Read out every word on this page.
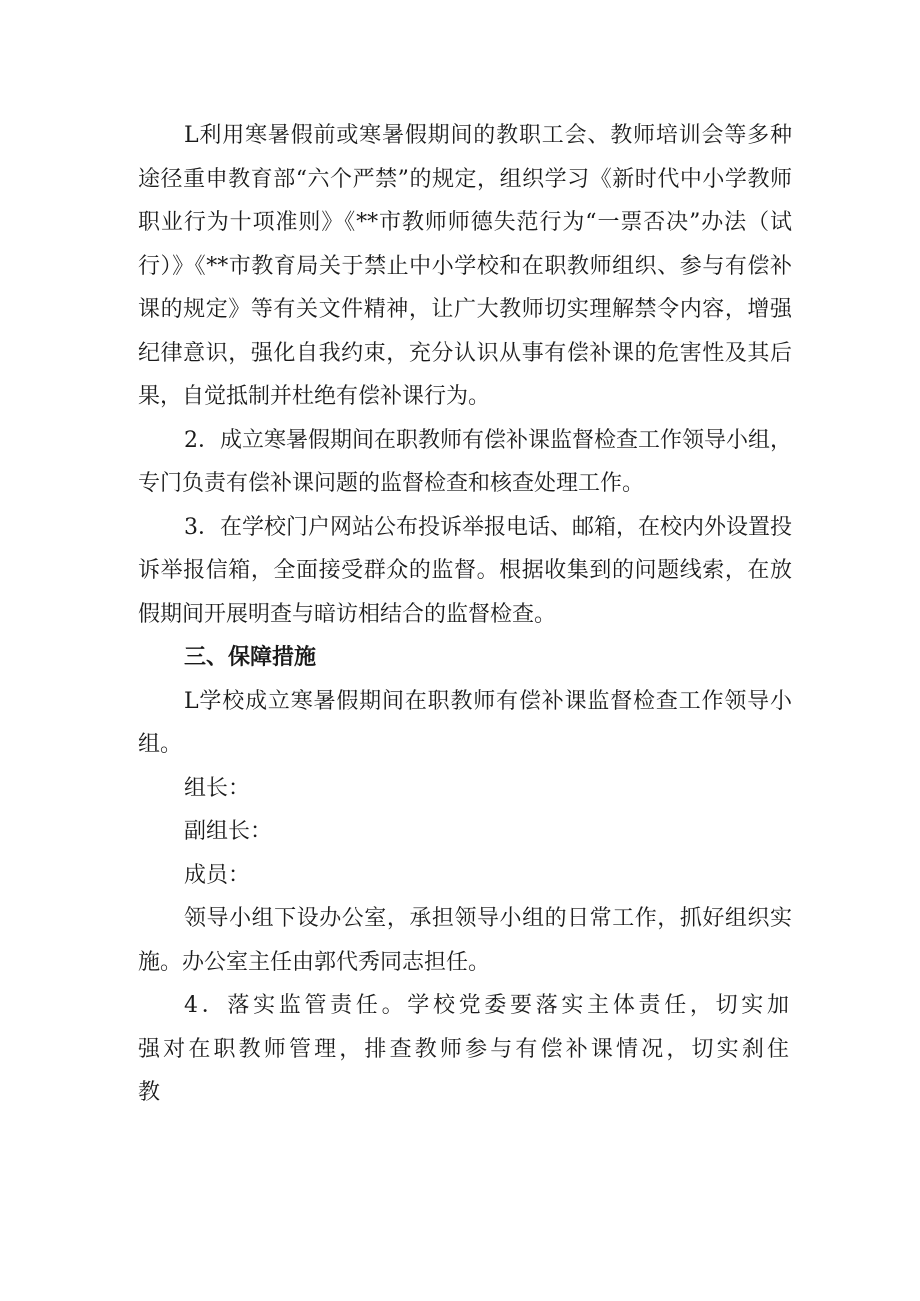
L利用寒暑假前或寒暑假期间的教职工会、教师培训会等多种途径重申教育部“六个严禁”的规定，组织学习《新时代中小学教师职业行为十项准则》《**市教师师德失范行为“一票否决”办法（试行）》《**市教育局关于禁止中小学校和在职教师组织、参与有偿补课的规定》等有关文件精神，让广大教师切实理解禁令内容，增强纪律意识，强化自我约束，充分认识从事有偿补课的危害性及其后果，自觉抵制并杜绝有偿补课行为。

2．成立寒暑假期间在职教师有偿补课监督检查工作领导小组，专门负责有偿补课问题的监督检查和核查处理工作。

3．在学校门户网站公布投诉举报电话、邮箱，在校内外设置投诉举报信箱，全面接受群众的监督。根据收集到的问题线索，在放假期间开展明查与暗访相结合的监督检查。

三、保障措施

L学校成立寒暑假期间在职教师有偿补课监督检查工作领导小组。

组长：

副组长：

成员：

领导小组下设办公室，承担领导小组的日常工作，抓好组织实施。办公室主任由郭代秀同志担任。

4．落实监管责任。学校党委要落实主体责任，切实加强对在职教师管理，排查教师参与有偿补课情况，切实刹住教
